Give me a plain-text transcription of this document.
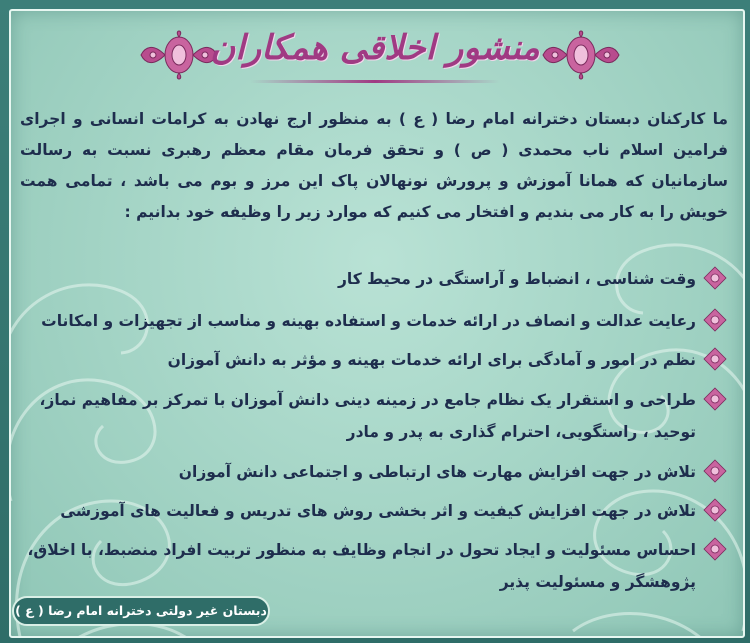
منشور اخلاقی همکاران
ما کارکنان دبستان دخترانه امام رضا ( ع ) به منظور ارج نهادن به کرامات انسانی و اجرای فرامین اسلام ناب محمدی ( ص ) و تحقق فرمان مقام معظم رهبری نسبت به رسالت سازمانیان که همانا آموزش و پرورش نونهالان پاک این مرز و بوم می باشد ، تمامی همت خویش را به کار می بندیم و افتخار می کنیم که موارد زیر را وظیفه خود بدانیم :
وقت شناسی ، انضباط و آراستگی در محیط کار
رعایت عدالت و انصاف در ارائه خدمات و استفاده بهینه و مناسب از تجهیزات و امکانات
نظم در امور و آمادگی برای ارائه خدمات بهینه و مؤثر به دانش آموزان
طراحی و استقرار یک نظام جامع در زمینه دینی دانش آموزان با تمرکز بر مفاهیم نماز، توحید ، راستگویی، احترام گذاری به پدر و مادر
تلاش در جهت افزایش مهارت های ارتباطی و اجتماعی دانش آموزان
تلاش در جهت افزایش کیفیت و اثر بخشی روش های تدریس و فعالیت های آموزشی
احساس مسئولیت و ایجاد تحول در انجام وظایف به منظور تربیت افراد منضبط، با اخلاق، پژوهشگر و مسئولیت پذیر
دبستان غیر دولتی دخترانه امام رضا ( ع )
